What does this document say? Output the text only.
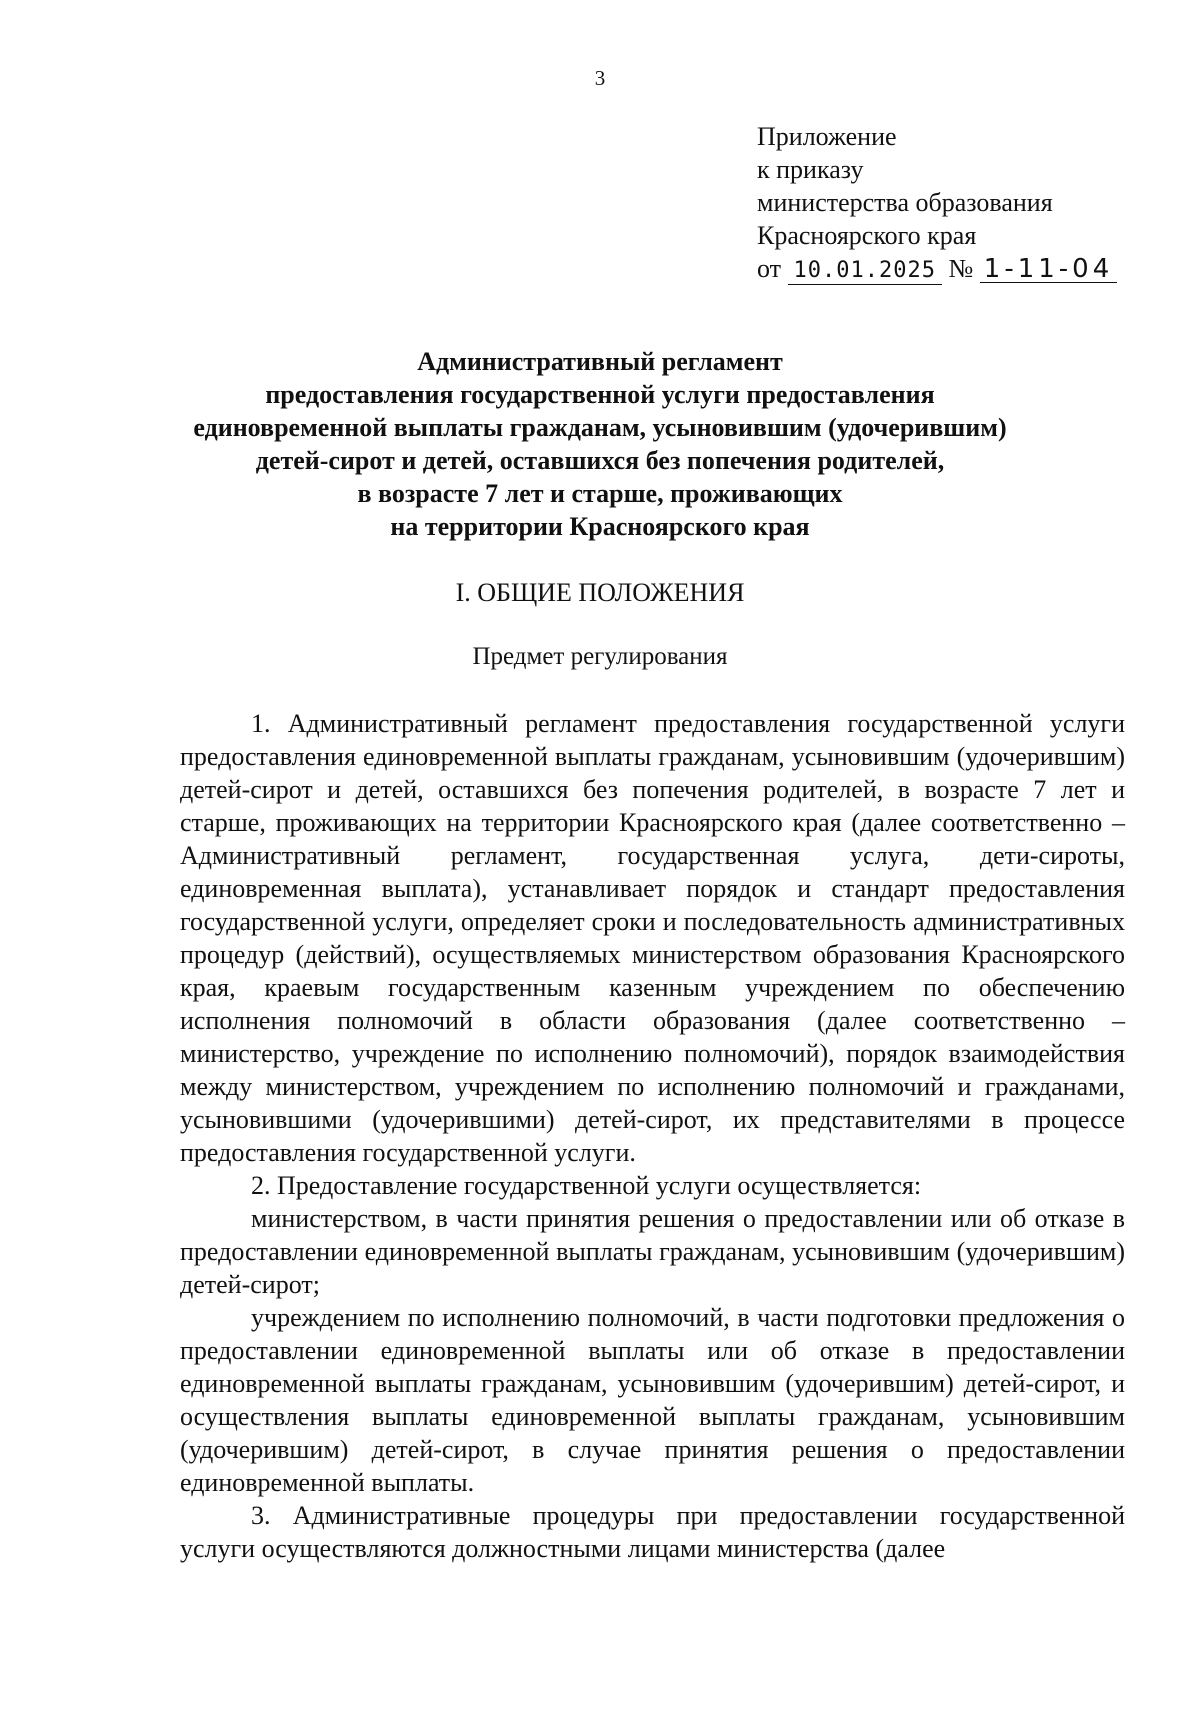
3
Приложение
к приказу
министерства образования
Красноярского края
от 10.01.2025 № 1-11-04
Административный регламент
предоставления государственной услуги предоставления
единовременной выплаты гражданам, усыновившим (удочерившим)
детей-сирот и детей, оставшихся без попечения родителей,
в возрасте 7 лет и старше, проживающих
на территории Красноярского края
I. ОБЩИЕ ПОЛОЖЕНИЯ
Предмет регулирования

1. Административный регламент предоставления государственной услуги предоставления единовременной выплаты гражданам, усыновившим (удочерившим) детей-сирот и детей, оставшихся без попечения родителей, в возрасте 7 лет и старше, проживающих на территории Красноярского края (далее соответственно – Административный регламент, государственная услуга, дети-сироты, единовременная выплата), устанавливает порядок и стандарт предоставления государственной услуги, определяет сроки и последовательность административных процедур (действий), осуществляемых министерством образования Красноярского края, краевым государственным казенным учреждением по обеспечению исполнения полномочий в области образования (далее соответственно – министерство, учреждение по исполнению полномочий), порядок взаимодействия между министерством, учреждением по исполнению полномочий и гражданами, усыновившими (удочерившими) детей-сирот, их представителями в процессе предоставления государственной услуги.

2. Предоставление государственной услуги осуществляется:

министерством, в части принятия решения о предоставлении или об отказе в предоставлении единовременной выплаты гражданам, усыновившим (удочерившим) детей-сирот;

учреждением по исполнению полномочий, в части подготовки предложения о предоставлении единовременной выплаты или об отказе в предоставлении единовременной выплаты гражданам, усыновившим (удочерившим) детей-сирот, и осуществления выплаты единовременной выплаты гражданам, усыновившим (удочерившим) детей-сирот, в случае принятия решения о предоставлении единовременной выплаты.

3. Административные процедуры при предоставлении государственной услуги осуществляются должностными лицами министерства (далее
